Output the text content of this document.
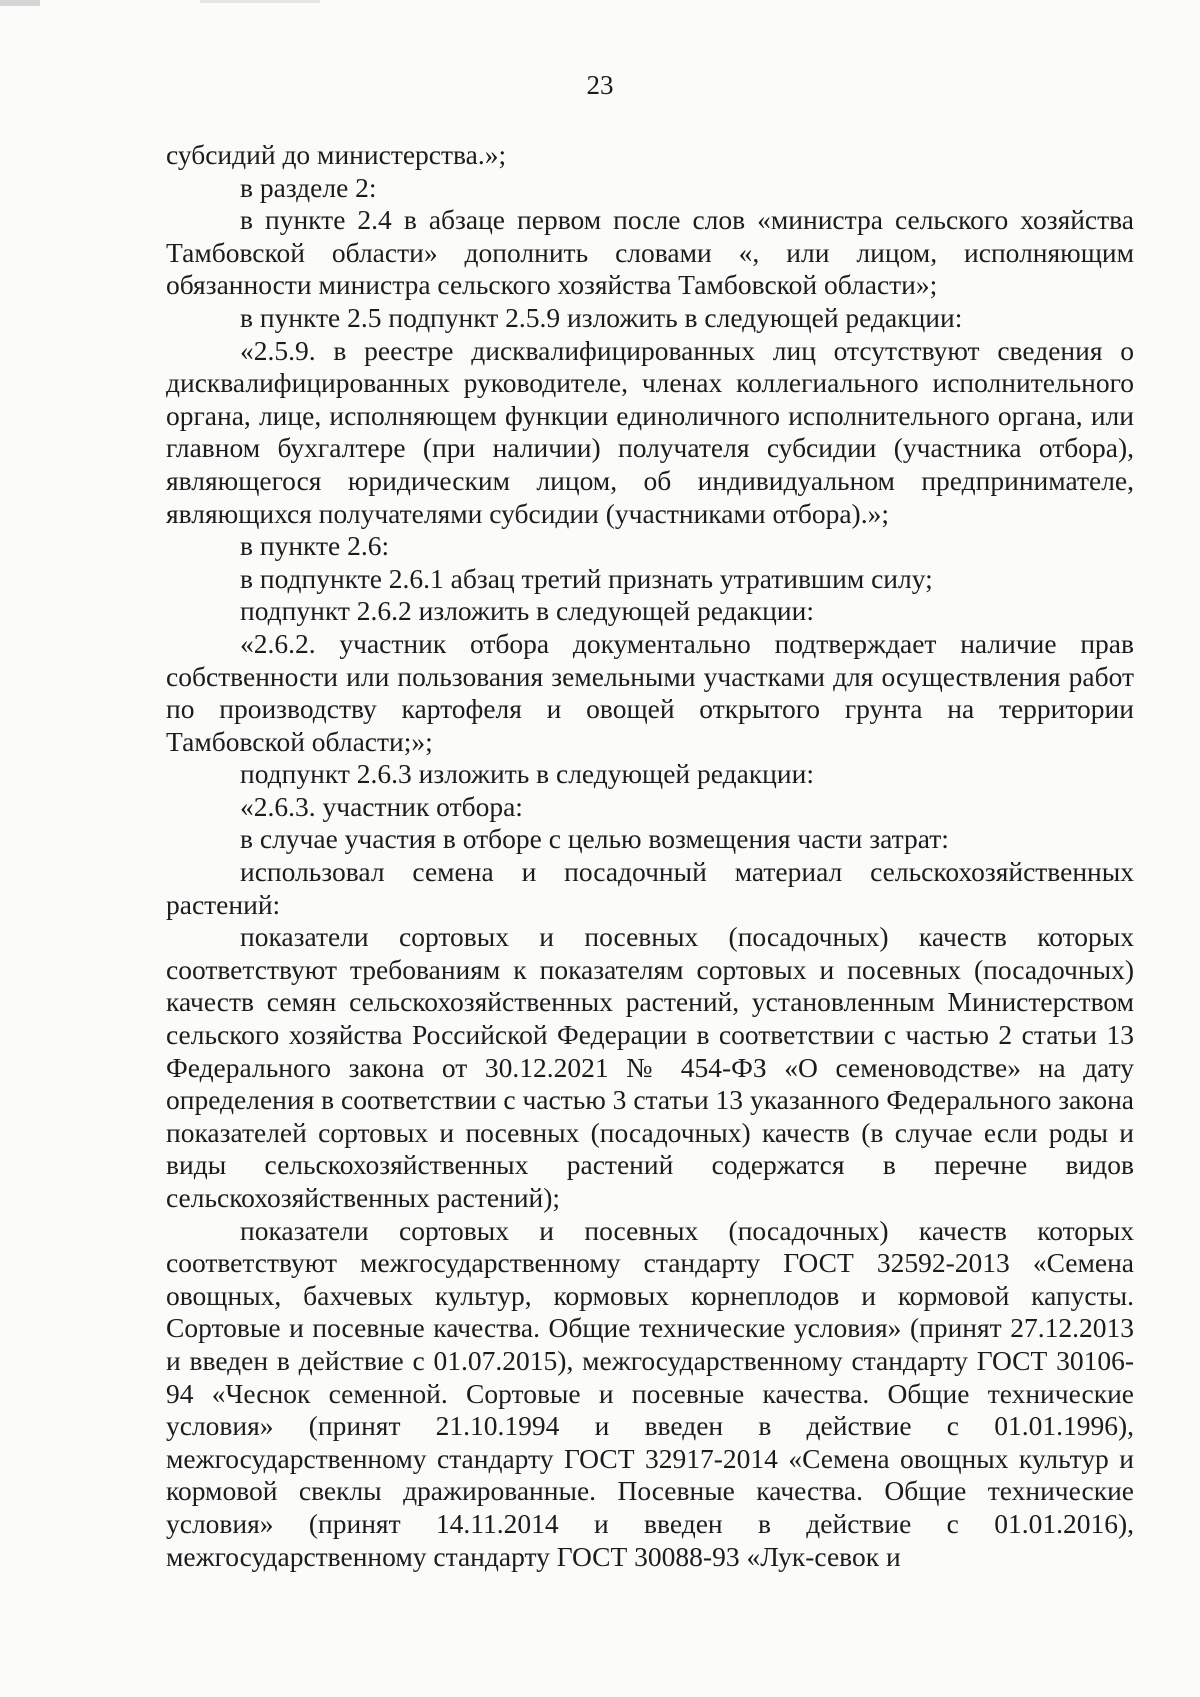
23

субсидий до министерства.»;

в разделе 2:

в пункте 2.4 в абзаце первом после слов «министра сельского хозяйства Тамбовской области» дополнить словами «, или лицом, исполняющим обязанности министра сельского хозяйства Тамбовской области»;

в пункте 2.5 подпункт 2.5.9 изложить в следующей редакции:

«2.5.9. в реестре дисквалифицированных лиц отсутствуют сведения о дисквалифицированных руководителе, членах коллегиального исполнительного органа, лице, исполняющем функции единоличного исполнительного органа, или главном бухгалтере (при наличии) получателя субсидии (участника отбора), являющегося юридическим лицом, об индивидуальном предпринимателе, являющихся получателями субсидии (участниками отбора).»;

в пункте 2.6:

в подпункте 2.6.1 абзац третий признать утратившим силу;

подпункт 2.6.2 изложить в следующей редакции:

«2.6.2. участник отбора документально подтверждает наличие прав собственности или пользования земельными участками для осуществления работ по производству картофеля и овощей открытого грунта на территории Тамбовской области;»;

подпункт 2.6.3 изложить в следующей редакции:

«2.6.3. участник отбора:

в случае участия в отборе с целью возмещения части затрат:

использовал семена и посадочный материал сельскохозяйственных растений:

показатели сортовых и посевных (посадочных) качеств которых соответствуют требованиям к показателям сортовых и посевных (посадочных) качеств семян сельскохозяйственных растений, установленным Министерством сельского хозяйства Российской Федерации в соответствии с частью 2 статьи 13 Федерального закона от 30.12.2021 № 454-ФЗ «О семеноводстве» на дату определения в соответствии с частью 3 статьи 13 указанного Федерального закона показателей сортовых и посевных (посадочных) качеств (в случае если роды и виды сельскохозяйственных растений содержатся в перечне видов сельскохозяйственных растений);

показатели сортовых и посевных (посадочных) качеств которых соответствуют межгосударственному стандарту ГОСТ 32592-2013 «Семена овощных, бахчевых культур, кормовых корнеплодов и кормовой капусты. Сортовые и посевные качества. Общие технические условия» (принят 27.12.2013 и введен в действие с 01.07.2015), межгосударственному стандарту ГОСТ 30106-94 «Чеснок семенной. Сортовые и посевные качества. Общие технические условия» (принят 21.10.1994 и введен в действие с 01.01.1996), межгосударственному стандарту ГОСТ 32917-2014 «Семена овощных культур и кормовой свеклы дражированные. Посевные качества. Общие технические условия» (принят 14.11.2014 и введен в действие с 01.01.2016), межгосударственному стандарту ГОСТ 30088-93 «Лук-севок и
